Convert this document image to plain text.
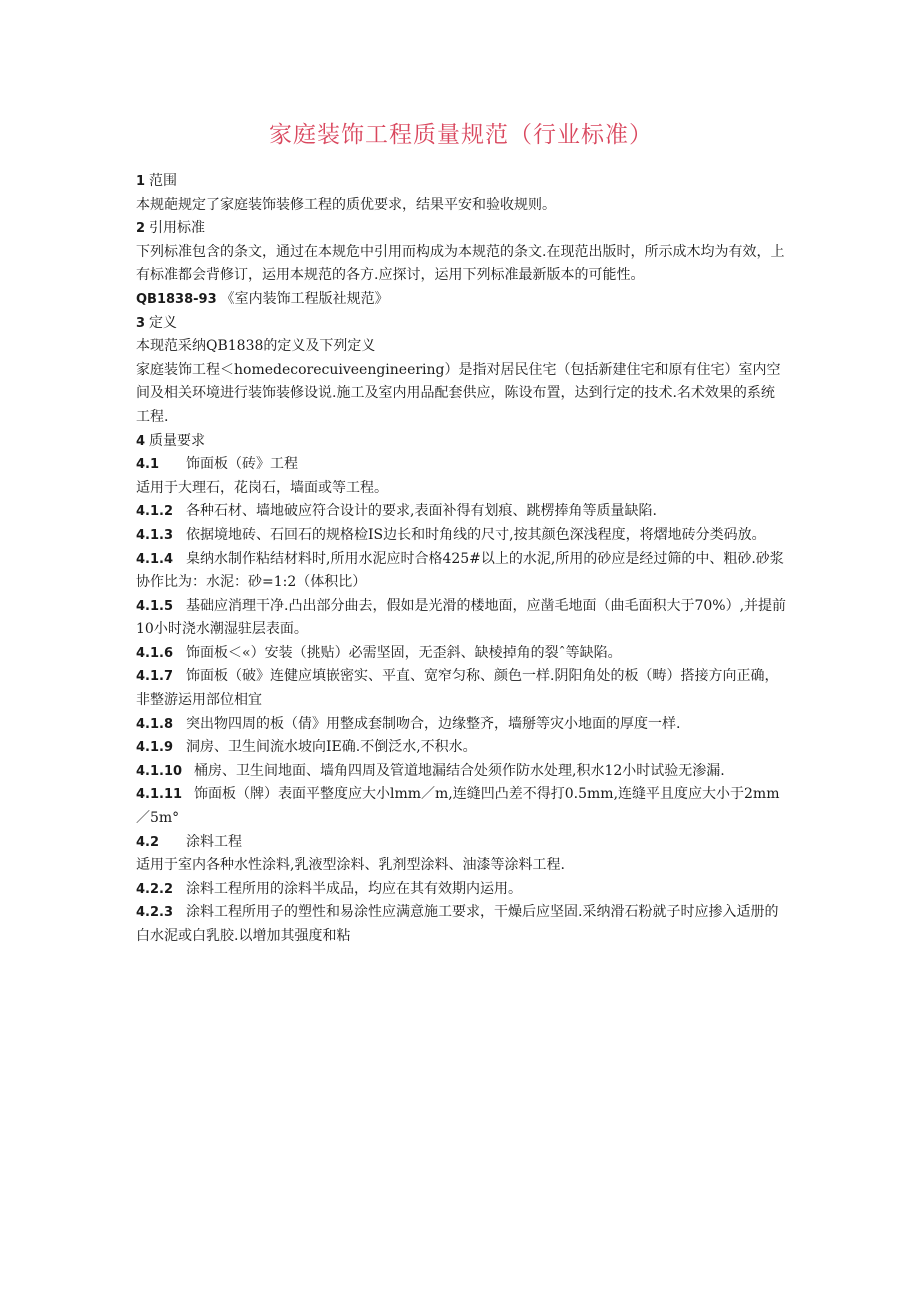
家庭装饰工程质量规范（行业标准）

1 范围

本规葩规定了家庭装饰装修工程的质优要求，结果平安和验收规则。

2 引用标准

下列标准包含的条文，通过在本规危中引用而构成为本规范的条文.在现范出版时，所示成木均为有效，上有标准都会背修订，运用本规范的各方.应探讨，运用下列标准最新版本的可能性。

QB1838-93 《室内装饰工程版社规范》

3 定义

本现范采纳QB1838的定义及下列定义

家庭装饰工程＜homedecorecuiveengineering）是指对居民住宅（包括新建住宅和原有住宅）室内空间及相关环境进行装饰装修设说.施工及室内用品配套供应，陈设布置，达到行定的技术.名术效果的系统工程.

4 质量要求

4.1 饰面板（砖》工程

适用于大理石，花岗石，墙面或等工程。

4.1.2 各种石材、墙地破应符合设计的要求,表面补得有划痕、跳楞捧角等质量缺陷.

4.1.3 依据境地砖、石回石的规格检IS边长和时角线的尺寸,按其颜色深浅程度，将熠地砖分类码放。

4.1.4 臬纳水制作粘结材料时,所用水泥应时合格425#以上的水泥,所用的砂应是经过筛的中、粗砂.砂浆协作比为：水泥：砂=1:2（体积比）

4.1.5 基础应消理干净.凸出部分曲去，假如是光滑的楼地面，应凿毛地面（曲毛面积大于70%）,并提前10小时浇水潮湿驻层表面。

4.1.6 饰面板＜«）安装（挑贴）必需坚固，无歪斜、缺棱掉角的裂ˆ等缺陷。

4.1.7 饰面板（破》连健应填嵌密实、平直、宽窄匀称、颜色一样.阴阳角处的板（畴）搭接方向正确，非整游运用部位相宜

4.1.8 突出物四周的板（倩》用整成套制吻合，边缘整齐，墙掰等灾小地面的厚度一样.

4.1.9 洞房、卫生间流水坡向IE确.不倒泛水,不积水。

4.1.10 桶房、卫生间地面、墙角四周及管道地漏结合处须作防水处理,积水12小时试验无渗漏.

4.1.11 饰面板（牌）表面平整度应大小lmm／m,连缝凹凸差不得打0.5mm,连缝平且度应大小于2mm／5m°

4.2 涂料工程

适用于室内各种水性涂料,乳液型涂料、乳剂型涂料、油漆等涂料工程.

4.2.2 涂料工程所用的涂料半成品，均应在其有效期内运用。

4.2.3 涂料工程所用子的塑性和易涂性应满意施工要求，干燥后应坚固.采纳滑石粉就子时应掺入适册的白水泥或白乳胶.以增加其强度和粘
